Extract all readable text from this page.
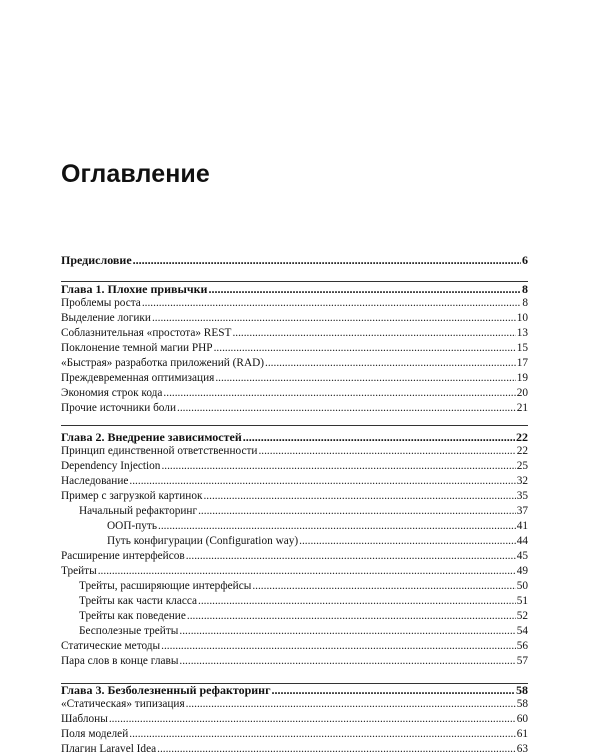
Оглавление
Предисловие .....	6
Глава 1. Плохие привычки .....	8
Проблемы роста .....	8
Выделение логики .....	10
Соблазнительная «простота» REST .....	13
Поклонение темной магии PHP .....	15
«Быстрая» разработка приложений (RAD) .....	17
Преждевременная оптимизация .....	19
Экономия строк кода .....	20
Прочие источники боли .....	21
Глава 2. Внедрение зависимостей .....	22
Принцип единственной ответственности .....	22
Dependency Injection .....	25
Наследование .....	32
Пример с загрузкой картинок .....	35
Начальный рефакторинг .....	37
ООП-путь .....	41
Путь конфигурации (Configuration way) .....	44
Расширение интерфейсов .....	45
Трейты .....	49
Трейты, расширяющие интерфейсы .....	50
Трейты как части класса .....	51
Трейты как поведение .....	52
Бесполезные трейты .....	54
Статические методы .....	56
Пара слов в конце главы .....	57
Глава 3. Безболезненный рефакторинг .....	58
«Статическая» типизация .....	58
Шаблоны .....	60
Поля моделей .....	61
Плагин Laravel Idea .....	63
